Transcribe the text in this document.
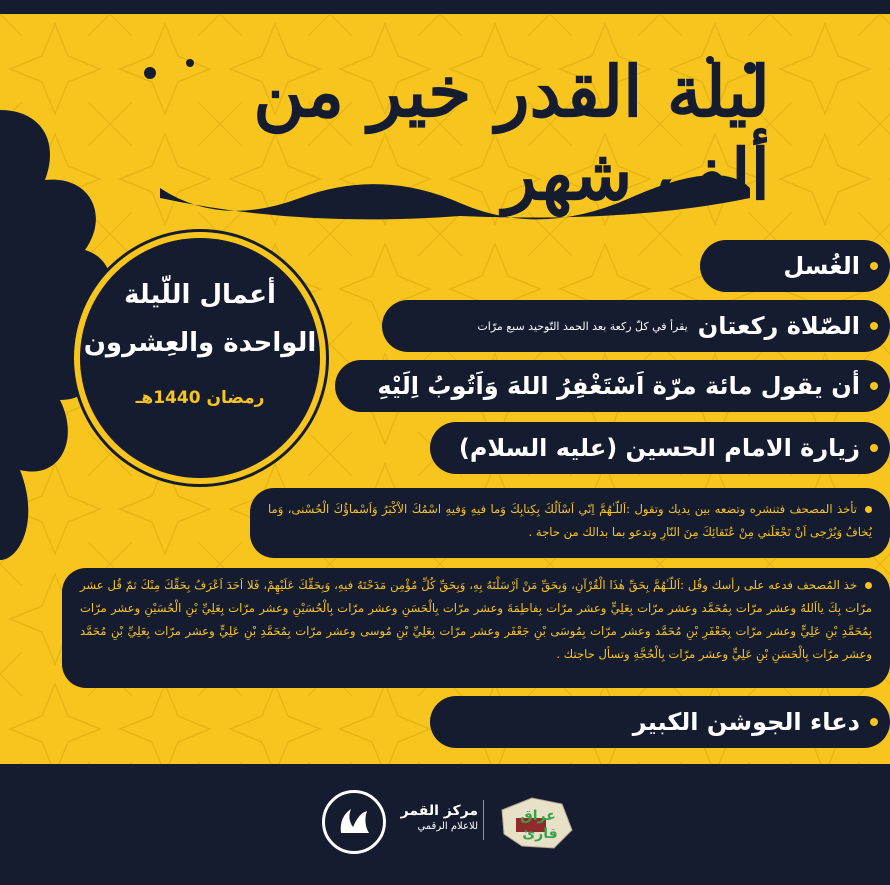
ليلة القدر خير من ألف شهر
أعمال اللّيلة
الواحدة والعِشرون
رمضان 1440هـ
الغُسل
الصّلاة ركعتان
يقرأ في كلّ ركعة بعد الحمد التّوحيد سبع مرّات
أن يقول مائة مرّة اَسْتَغْفِرُ اللهَ وَاَتُوبُ اِلَيْهِ
زيارة الامام الحسين (عليه السلام)
تأخذ المصحف فتنشره وتضعه بين يديك وتقول :اَللّـٰهُمَّ اِنّي اَسْاَلُكَ بِكِتابِكَ وَما فيهِ وَفيهِ اسْمُكَ الاْكْبَرُ وَاَسْماؤُكَ الْحُسْنى، وَما يُخافُ وَيُرْجى اَنْ تَجْعَلَني مِنْ عُتَقائِكَ مِنَ النّارِ وتدعو بما بدالك من حاجة .
خذ المُصحف فدعه على رأسك وقُل :اَللّـٰهُمَّ بِحَقِّ هٰذَا الْقُرْآنِ، وَبِحَقِّ مَنْ اَرْسَلْتَهُ بِهِ، وَبِحَقِّ كُلِّ مُؤْمِن مَدَحْتَهُ فيهِ، وَبِحَقِّكَ عَلَيْهِمْ، فَلا اَحَدَ اَعْرَفُ بِحَقِّكَ مِنْكَ ثمّ قُل عشر مرّات بِكَ يااَللهُ وعشر مرّات بِمُحَمَّد وعشر مرّات بِعَلِيٍّ وعشر مرّات بِفاطِمَةَ وعشر مرّات بِالْحَسَنِ وعشر مرّات بِالْحُسَيْنِ وعشر مرّات بِعَلِيِّ بْنِ الْحُسَيْنِ وعشر مرّات بِمُحَمَّدِ بْنِ عَلِيٍّ وعشر مرّات بِجَعْفَرِ بْنِ مُحَمَّد وعشر مرّات بِمُوسَى بْنِ جَعْفَر وعشر مرّات بِعَلِيِّ بْنِ مُوسى وعشر مرّات بِمُحَمَّدِ بْنِ عَلِيٍّ وعشر مرّات بِعَلِيِّ بْنِ مُحَمَّد وعشر مرّات بِالْحَسَنِ بْنِ عَلِيٍّ وعشر مرّات بِالْحُجَّةِ وتسأل حاجتك .
دعاء الجوشن الكبير
مركز القمر
للاعلام الرقمي
عراق
قارئ
